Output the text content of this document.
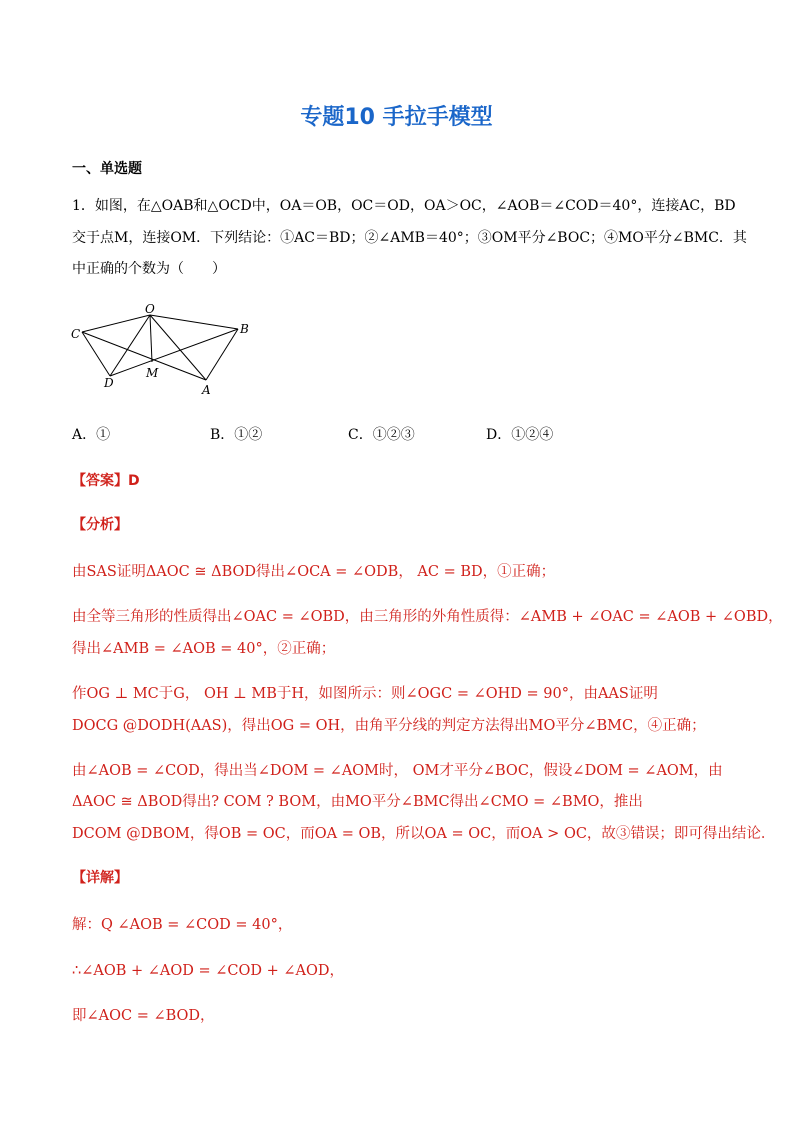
专题10 手拉手模型
一、单选题
1．如图，在△OAB和△OCD中，OA＝OB，OC＝OD，OA＞OC，∠AOB＝∠COD＝40°，连接AC，BD
交于点M，连接OM．下列结论：①AC＝BD；②∠AMB＝40°；③OM平分∠BOC；④MO平分∠BMC．其
中正确的个数为（　　）
O
B
C
D
M
A
A．①	B．①②	C．①②③	D．①②④
【答案】D
【分析】
由SAS证明ΔAOC ≅ ΔBOD得出∠OCA = ∠ODB， AC = BD，①正确；
由全等三角形的性质得出∠OAC = ∠OBD，由三角形的外角性质得：∠AMB + ∠OAC = ∠AOB + ∠OBD，
得出∠AMB = ∠AOB = 40°，②正确；
作OG ⊥ MC于G， OH ⊥ MB于H，如图所示：则∠OGC = ∠OHD = 90°，由AAS证明
DOCG @DODH(AAS)，得出OG = OH，由角平分线的判定方法得出MO平分∠BMC，④正确；
由∠AOB = ∠COD，得出当∠DOM = ∠AOM时， OM才平分∠BOC，假设∠DOM = ∠AOM，由
ΔAOC ≅ ΔBOD得出? COM ? BOM，由MO平分∠BMC得出∠CMO = ∠BMO，推出
DCOM @DBOM，得OB = OC，而OA = OB，所以OA = OC，而OA > OC，故③错误；即可得出结论．
【详解】
解：Q ∠AOB = ∠COD = 40°，
∴∠AOB + ∠AOD = ∠COD + ∠AOD，
即∠AOC = ∠BOD，
